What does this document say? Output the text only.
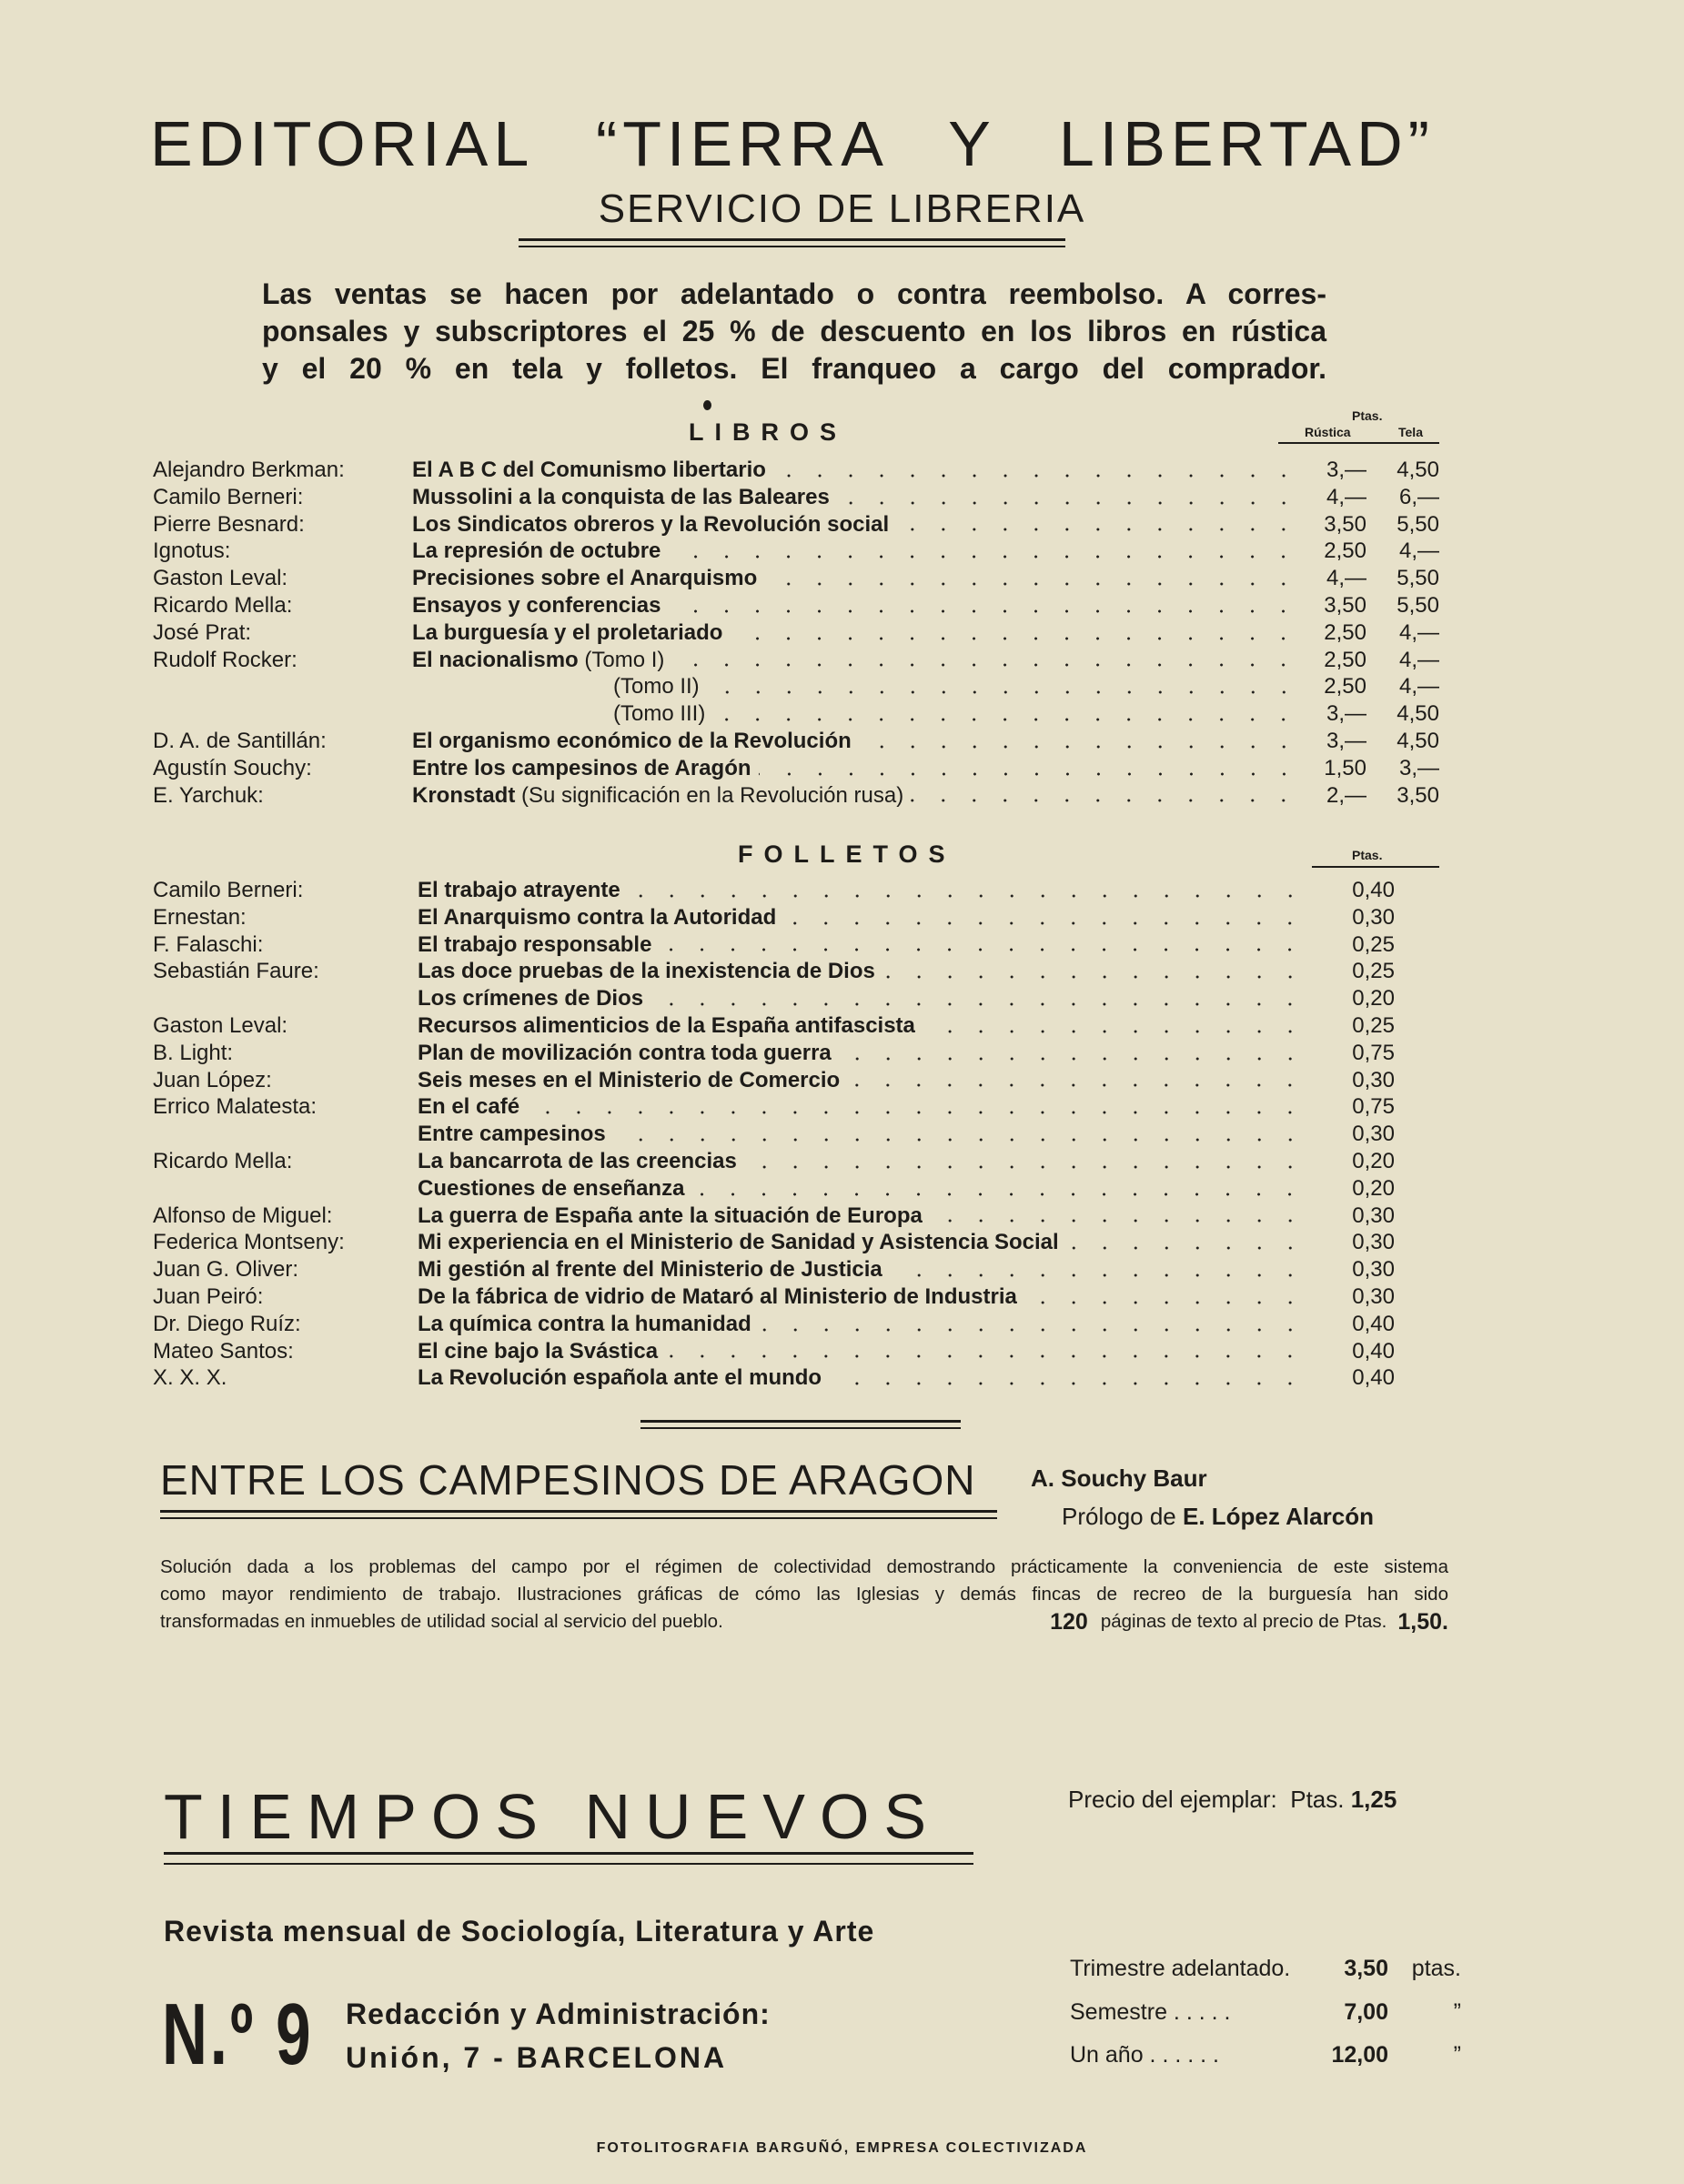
EDITORIAL “TIERRA Y LIBERTAD”
SERVICIO DE LIBRERIA
Las ventas se hacen por adelantado o contra reembolso. A corres-
ponsales y subscriptores el 25 % de descuento en los libros en rústica
y el 20 % en tela y folletos. El franqueo a cargo del comprador.
LIBROS
Ptas.
Rústica	Tela
Alejandro Berkman:	El A B C del Comunismo libertario	3,—	4,50
Camilo Berneri:	Mussolini a la conquista de las Baleares	4,—	6,—
Pierre Besnard:	Los Sindicatos obreros y la Revolución social	3,50	5,50
Ignotus:	La represión de octubre	2,50	4,—
Gaston Leval:	Precisiones sobre el Anarquismo	4,—	5,50
Ricardo Mella:	Ensayos y conferencias	3,50	5,50
José Prat:	La burguesía y el proletariado	2,50	4,—
Rudolf Rocker:	El nacionalismo (Tomo I)	2,50	4,—
(Tomo II)	2,50	4,—
(Tomo III)	3,—	4,50
D. A. de Santillán:	El organismo económico de la Revolución	3,—	4,50
Agustín Souchy:	Entre los campesinos de Aragón	1,50	3,—
E. Yarchuk:	Kronstadt (Su significación en la Revolución rusa)	2,—	3,50
FOLLETOS	Ptas.
Camilo Berneri:	El trabajo atrayente	0,40
Ernestan:	El Anarquismo contra la Autoridad	0,30
F. Falaschi:	El trabajo responsable	0,25
Sebastián Faure:	Las doce pruebas de la inexistencia de Dios	0,25
Los crímenes de Dios	0,20
Gaston Leval:	Recursos alimenticios de la España antifascista	0,25
B. Light:	Plan de movilización contra toda guerra	0,75
Juan López:	Seis meses en el Ministerio de Comercio	0,30
Errico Malatesta:	En el café	0,75
Entre campesinos	0,30
Ricardo Mella:	La bancarrota de las creencias	0,20
Cuestiones de enseñanza	0,20
Alfonso de Miguel:	La guerra de España ante la situación de Europa	0,30
Federica Montseny:	Mi experiencia en el Ministerio de Sanidad y Asistencia Social	0,30
Juan G. Oliver:	Mi gestión al frente del Ministerio de Justicia	0,30
Juan Peiró:	De la fábrica de vidrio de Mataró al Ministerio de Industria	0,30
Dr. Diego Ruíz:	La química contra la humanidad	0,40
Mateo Santos:	El cine bajo la Svástica	0,40
X. X. X.	La Revolución española ante el mundo	0,40
ENTRE LOS CAMPESINOS DE ARAGON A. Souchy Baur
Prólogo de E. López Alarcón
Solución dada a los problemas del campo por el régimen de colectividad demostrando prácticamente la conveniencia de este sistema
como mayor rendimiento de trabajo. Ilustraciones gráficas de cómo las Iglesias y demás fincas de recreo de la burguesía han sido
transformadas en inmuebles de utilidad social al servicio del pueblo.	120 páginas de texto al precio de Ptas. 1,50.
TIEMPOS NUEVOS	Precio del ejemplar: Ptas. 1,25
Revista mensual de Sociología, Literatura y Arte
N.º 9 Redacción y Administración:
Unión, 7 - BARCELONA
Trimestre adelantado.	3,50	ptas.
Semestre . . . . .	7,00	”
Un año . . . . . .	12,00	”
FOTOLITOGRAFIA BARGUÑÓ, EMPRESA COLECTIVIZADA
